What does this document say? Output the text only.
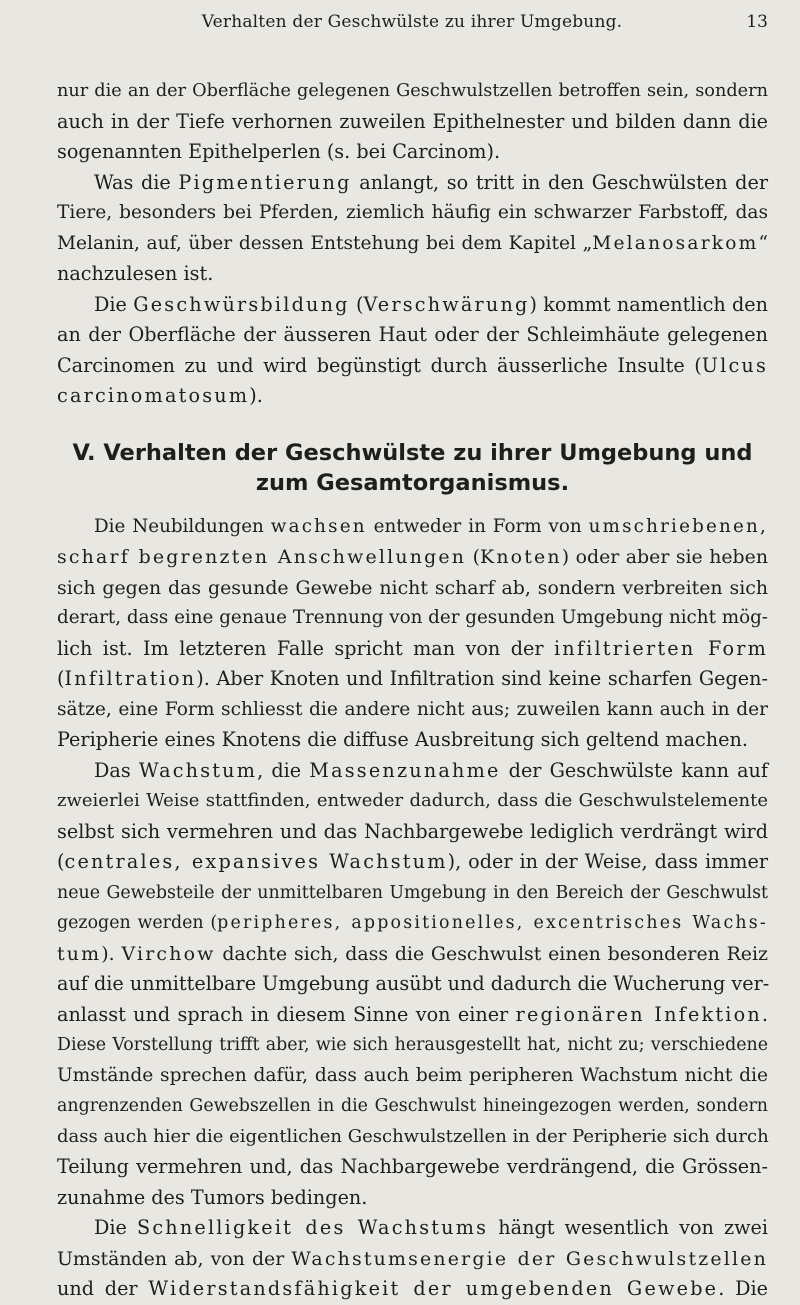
Verhalten der Geschwülste zu ihrer Umgebung.	13
nur die an der Oberfläche gelegenen Geschwulstzellen betroffen sein, sondern
auch in der Tiefe verhornen zuweilen Epithelnester und bilden dann die
sogenannten Epithelperlen (s. bei Carcinom).
Was die Pigmentierung anlangt, so tritt in den Geschwülsten der
Tiere, besonders bei Pferden, ziemlich häufig ein schwarzer Farbstoff, das
Melanin, auf, über dessen Entstehung bei dem Kapitel „Melanosarkom“
nachzulesen ist.
Die Geschwürsbildung (Verschwärung) kommt namentlich den
an der Oberfläche der äusseren Haut oder der Schleimhäute gelegenen
Carcinomen zu und wird begünstigt durch äusserliche Insulte (Ulcus
carcinomatosum).
V. Verhalten der Geschwülste zu ihrer Umgebung und
zum Gesamtorganismus.
Die Neubildungen wachsen entweder in Form von umschriebenen,
scharf begrenzten Anschwellungen (Knoten) oder aber sie heben
sich gegen das gesunde Gewebe nicht scharf ab, sondern verbreiten sich
derart, dass eine genaue Trennung von der gesunden Umgebung nicht mög-
lich ist. Im letzteren Falle spricht man von der infiltrierten Form
(Infiltration). Aber Knoten und Infiltration sind keine scharfen Gegen-
sätze, eine Form schliesst die andere nicht aus; zuweilen kann auch in der
Peripherie eines Knotens die diffuse Ausbreitung sich geltend machen.
Das Wachstum, die Massenzunahme der Geschwülste kann auf
zweierlei Weise stattfinden, entweder dadurch, dass die Geschwulstelemente
selbst sich vermehren und das Nachbargewebe lediglich verdrängt wird
(centrales, expansives Wachstum), oder in der Weise, dass immer
neue Gewebsteile der unmittelbaren Umgebung in den Bereich der Geschwulst
gezogen werden (peripheres, appositionelles, excentrisches Wachs-
tum). Virchow dachte sich, dass die Geschwulst einen besonderen Reiz
auf die unmittelbare Umgebung ausübt und dadurch die Wucherung ver-
anlasst und sprach in diesem Sinne von einer regionären Infektion.
Diese Vorstellung trifft aber, wie sich herausgestellt hat, nicht zu; verschiedene
Umstände sprechen dafür, dass auch beim peripheren Wachstum nicht die
angrenzenden Gewebszellen in die Geschwulst hineingezogen werden, sondern
dass auch hier die eigentlichen Geschwulstzellen in der Peripherie sich durch
Teilung vermehren und, das Nachbargewebe verdrängend, die Grössen-
zunahme des Tumors bedingen.
Die Schnelligkeit des Wachstums hängt wesentlich von zwei
Umständen ab, von der Wachstumsenergie der Geschwulstzellen
und der Widerstandsfähigkeit der umgebenden Gewebe. Die
